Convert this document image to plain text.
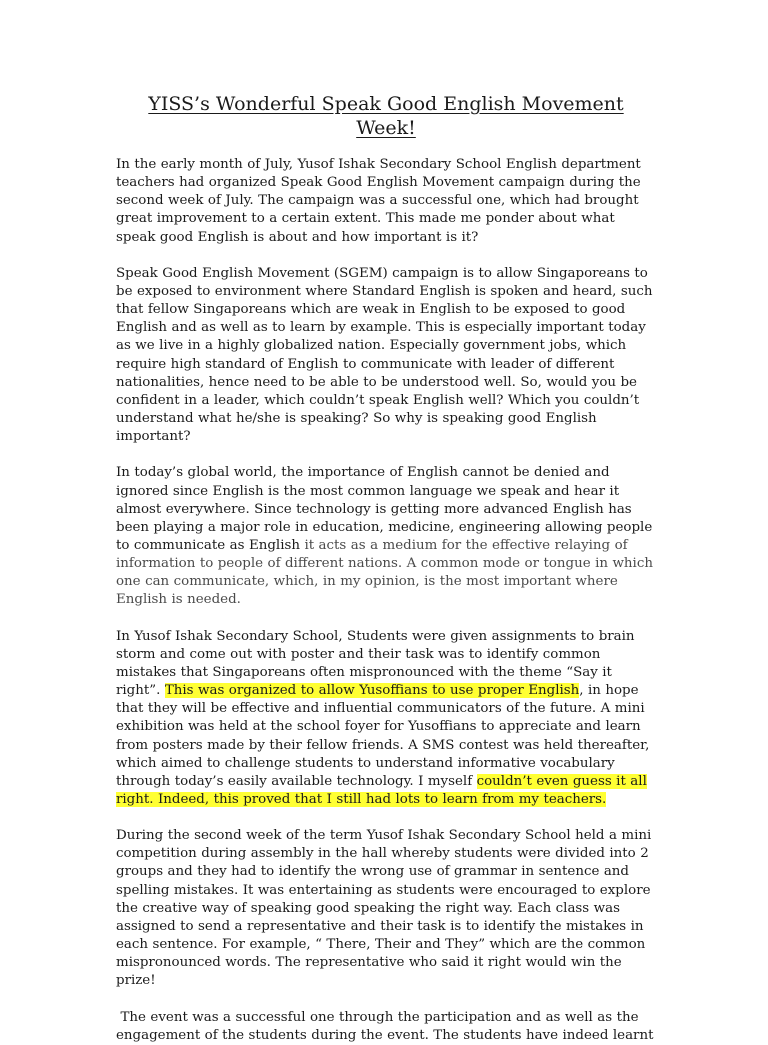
YISS’s Wonderful Speak Good English Movement Week!

In the early month of July, Yusof Ishak Secondary School English department teachers had organized Speak Good English Movement campaign during the second week of July. The campaign was a successful one, which had brought great improvement to a certain extent. This made me ponder about what speak good English is about and how important is it?

Speak Good English Movement (SGEM) campaign is to allow Singaporeans to be exposed to environment where Standard English is spoken and heard, such that fellow Singaporeans which are weak in English to be exposed to good English and as well as to learn by example. This is especially important today as we live in a highly globalized nation. Especially government jobs, which require high standard of English to communicate with leader of different nationalities, hence need to be able to be understood well. So, would you be confident in a leader, which couldn’t speak English well? Which you couldn’t understand what he/she is speaking? So why is speaking good English important?

In today’s global world, the importance of English cannot be denied and ignored since English is the most common language we speak and hear it almost everywhere. Since technology is getting more advanced English has been playing a major role in education, medicine, engineering allowing people to communicate as English it acts as a medium for the effective relaying of information to people of different nations. A common mode or tongue in which one can communicate, which, in my opinion, is the most important where English is needed.

In Yusof Ishak Secondary School, Students were given assignments to brain storm and come out with poster and their task was to identify common mistakes that Singaporeans often mispronounced with the theme “Say it right”. This was organized to allow Yusoffians to use proper English, in hope that they will be effective and influential communicators of the future. A mini exhibition was held at the school foyer for Yusoffians to appreciate and learn from posters made by their fellow friends. A SMS contest was held thereafter, which aimed to challenge students to understand informative vocabulary through today’s easily available technology. I myself couldn’t even guess it all right. Indeed, this proved that I still had lots to learn from my teachers.

During the second week of the term Yusof Ishak Secondary School held a mini competition during assembly in the hall whereby students were divided into 2 groups and they had to identify the wrong use of grammar in sentence and spelling mistakes. It was entertaining as students were encouraged to explore the creative way of speaking good speaking the right way. Each class was assigned to send a representative and their task is to identify the mistakes in each sentence. For example, “ There, Their and They” which are the common mispronounced words. The representative who said it right would win the prize!

The event was a successful one through the participation and as well as the engagement of the students during the event. The students have indeed learnt
